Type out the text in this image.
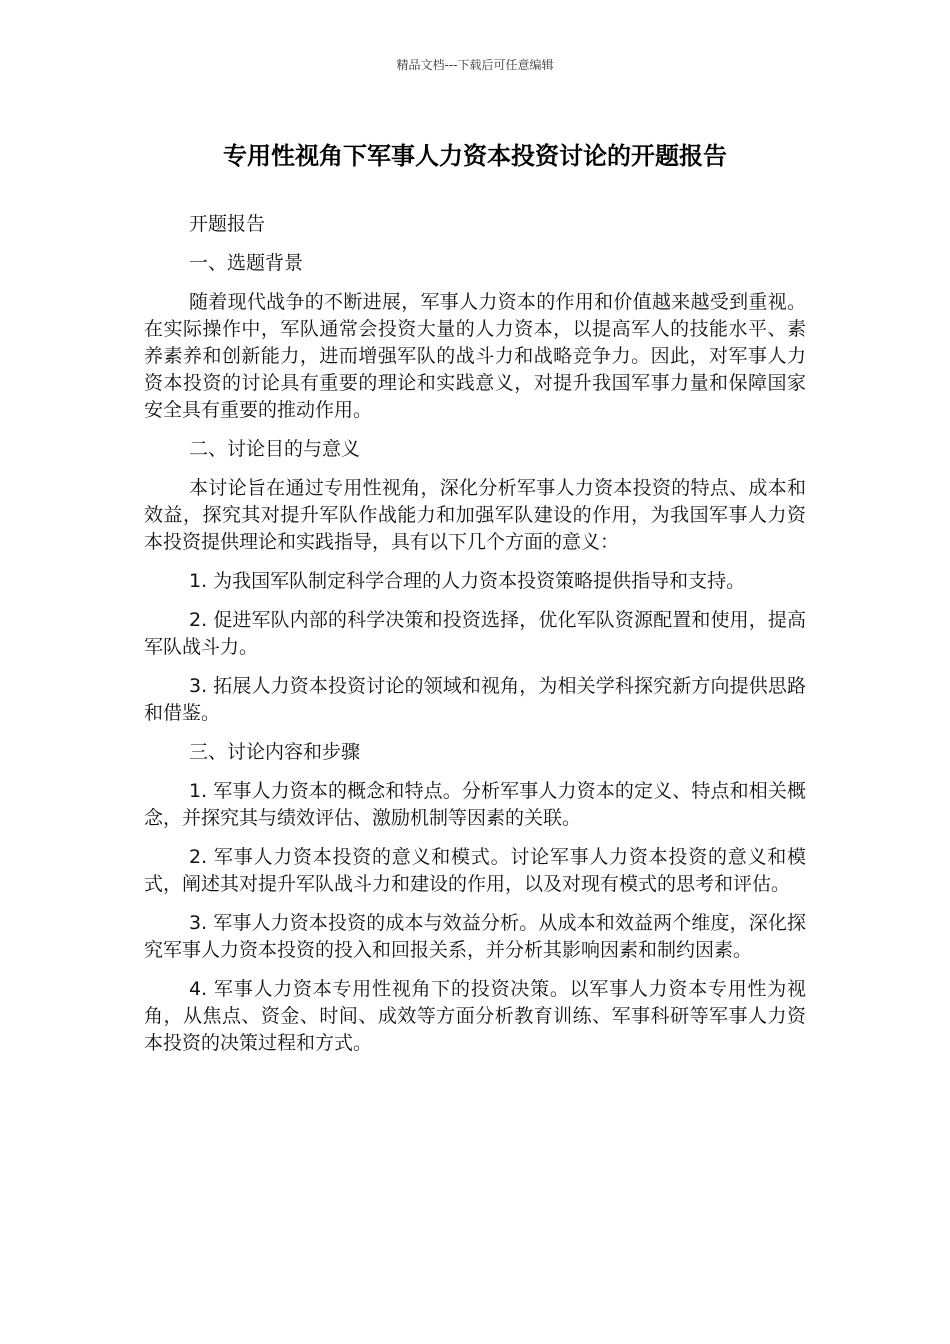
精品文档---下载后可任意编辑
专用性视角下军事人力资本投资讨论的开题报告

开题报告

一、选题背景

随着现代战争的不断进展，军事人力资本的作用和价值越来越受到重视。在实际操作中，军队通常会投资大量的人力资本，以提高军人的技能水平、素养素养和创新能力，进而增强军队的战斗力和战略竞争力。因此，对军事人力资本投资的讨论具有重要的理论和实践意义，对提升我国军事力量和保障国家安全具有重要的推动作用。

二、讨论目的与意义

本讨论旨在通过专用性视角，深化分析军事人力资本投资的特点、成本和效益，探究其对提升军队作战能力和加强军队建设的作用，为我国军事人力资本投资提供理论和实践指导，具有以下几个方面的意义：

1. 为我国军队制定科学合理的人力资本投资策略提供指导和支持。

2. 促进军队内部的科学决策和投资选择，优化军队资源配置和使用，提高军队战斗力。

3. 拓展人力资本投资讨论的领域和视角，为相关学科探究新方向提供思路和借鉴。

三、讨论内容和步骤

1. 军事人力资本的概念和特点。分析军事人力资本的定义、特点和相关概念，并探究其与绩效评估、激励机制等因素的关联。

2. 军事人力资本投资的意义和模式。讨论军事人力资本投资的意义和模式，阐述其对提升军队战斗力和建设的作用，以及对现有模式的思考和评估。

3. 军事人力资本投资的成本与效益分析。从成本和效益两个维度，深化探究军事人力资本投资的投入和回报关系，并分析其影响因素和制约因素。

4. 军事人力资本专用性视角下的投资决策。以军事人力资本专用性为视角，从焦点、资金、时间、成效等方面分析教育训练、军事科研等军事人力资本投资的决策过程和方式。
